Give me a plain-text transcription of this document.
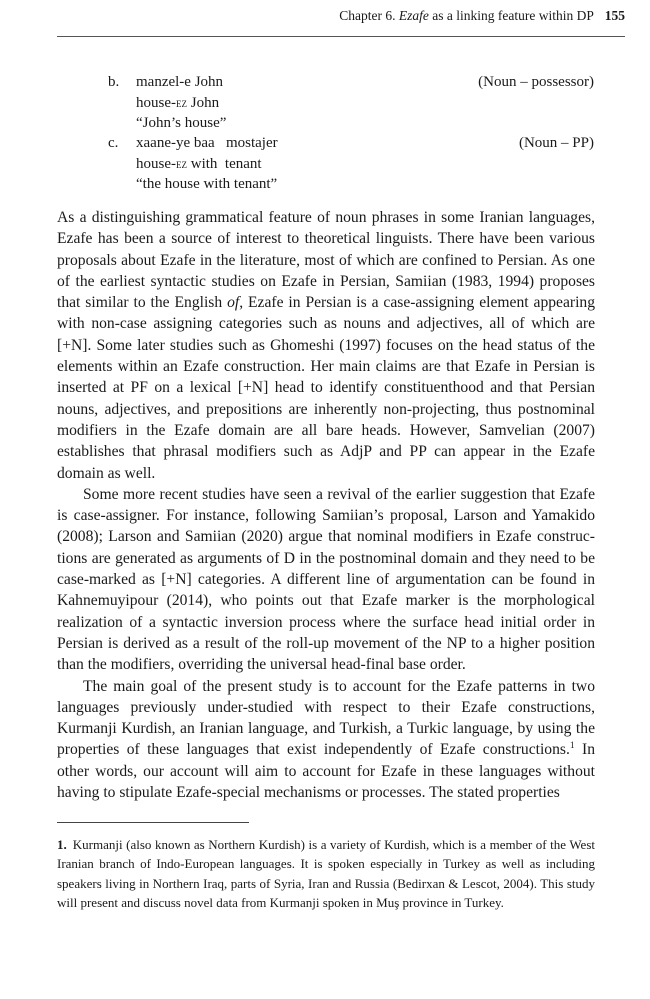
Chapter 6. Ezafe as a linking feature within DP 155
b. manzel-e John
house-ez John
“John’s house”
(Noun – possessor)
c. xaane-ye baa   mostajer
house-ez with  tenant
“the house with tenant”
(Noun – PP)

As a distinguishing grammatical feature of noun phrases in some Iranian languages, Ezafe has been a source of interest to theoretical linguists. There have been various proposals about Ezafe in the literature, most of which are confined to Persian. As one of the earliest syntactic studies on Ezafe in Persian, Samiian (1983, 1994) proposes that similar to the English of, Ezafe in Persian is a case-assigning element appearing with non-case assigning categories such as nouns and adjectives, all of which are [+N]. Some later studies such as Ghomeshi (1997) focuses on the head status of the elements within an Ezafe construction. Her main claims are that Ezafe in Persian is inserted at PF on a lexical [+N] head to identify constituenthood and that Persian nouns, adjectives, and prepositions are inherently non-projecting, thus postnominal modifiers in the Ezafe domain are all bare heads. However, Samvelian (2007) establishes that phrasal modifiers such as AdjP and PP can appear in the Ezafe domain as well.

Some more recent studies have seen a revival of the earlier suggestion that Ezafe is case-assigner. For instance, following Samiian’s proposal, Larson and Yamakido (2008); Larson and Samiian (2020) argue that nominal modifiers in Ezafe constructions are generated as arguments of D in the postnominal domain and they need to be case-marked as [+N] categories. A different line of argumentation can be found in Kahnemuyipour (2014), who points out that Ezafe marker is the morphological realization of a syntactic inversion process where the surface head initial order in Persian is derived as a result of the roll-up movement of the NP to a higher position than the modifiers, overriding the universal head-final base order.

The main goal of the present study is to account for the Ezafe patterns in two languages previously under-studied with respect to their Ezafe constructions, Kurmanji Kurdish, an Iranian language, and Turkish, a Turkic language, by using the properties of these languages that exist independently of Ezafe constructions.$^1$ In other words, our account will aim to account for Ezafe in these languages without having to stipulate Ezafe-special mechanisms or processes. The stated properties

1. Kurmanji (also known as Northern Kurdish) is a variety of Kurdish, which is a member of the West Iranian branch of Indo-European languages. It is spoken especially in Turkey as well as including speakers living in Northern Iraq, parts of Syria, Iran and Russia (Bedirxan & Lescot, 2004). This study will present and discuss novel data from Kurmanji spoken in Muş province in Turkey.
